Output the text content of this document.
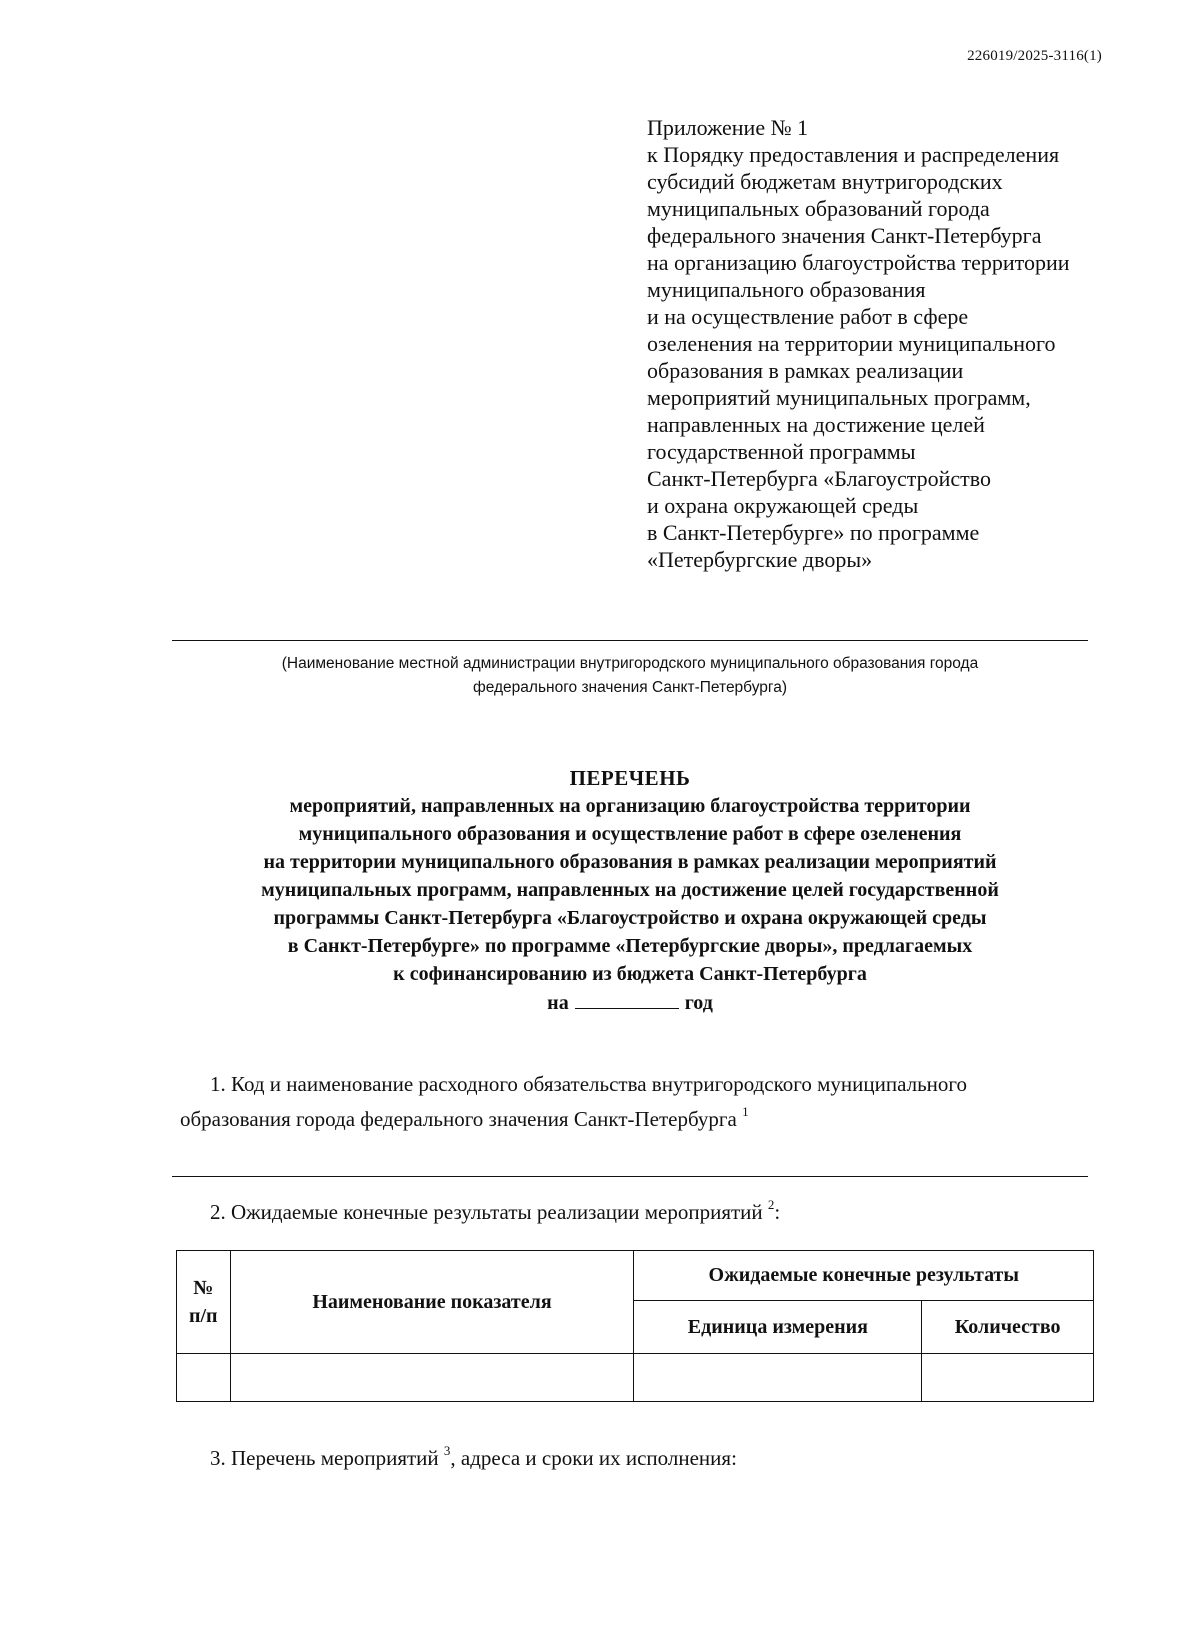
226019/2025-3116(1)
Приложение № 1
к Порядку предоставления и распределения
субсидий бюджетам внутригородских
муниципальных образований города
федерального значения Санкт-Петербурга
на организацию благоустройства территории
муниципального образования
и на осуществление работ в сфере
озеленения на территории муниципального
образования в рамках реализации
мероприятий муниципальных программ,
направленных на достижение целей
государственной программы
Санкт-Петербурга «Благоустройство
и охрана окружающей среды
в Санкт-Петербурге» по программе
«Петербургские дворы»
(Наименование местной администрации внутригородского муниципального образования города
федерального значения Санкт-Петербурга)
ПЕРЕЧЕНЬ
мероприятий, направленных на организацию благоустройства территории
муниципального образования и осуществление работ в сфере озеленения
на территории муниципального образования в рамках реализации мероприятий
муниципальных программ, направленных на достижение целей государственной
программы Санкт-Петербурга «Благоустройство и охрана окружающей среды
в Санкт-Петербурге» по программе «Петербургские дворы», предлагаемых
к софинансированию из бюджета Санкт-Петербурга
на	год
1. Код и наименование расходного обязательства внутригородского муниципального
образования города федерального значения Санкт-Петербурга $^1$
2. Ожидаемые конечные результаты реализации мероприятий $^2$:
№
п/п	Наименование показателя	Ожидаемые конечные результаты	
		Единица измерения	Количество

3. Перечень мероприятий $^3$, адреса и сроки их исполнения:
